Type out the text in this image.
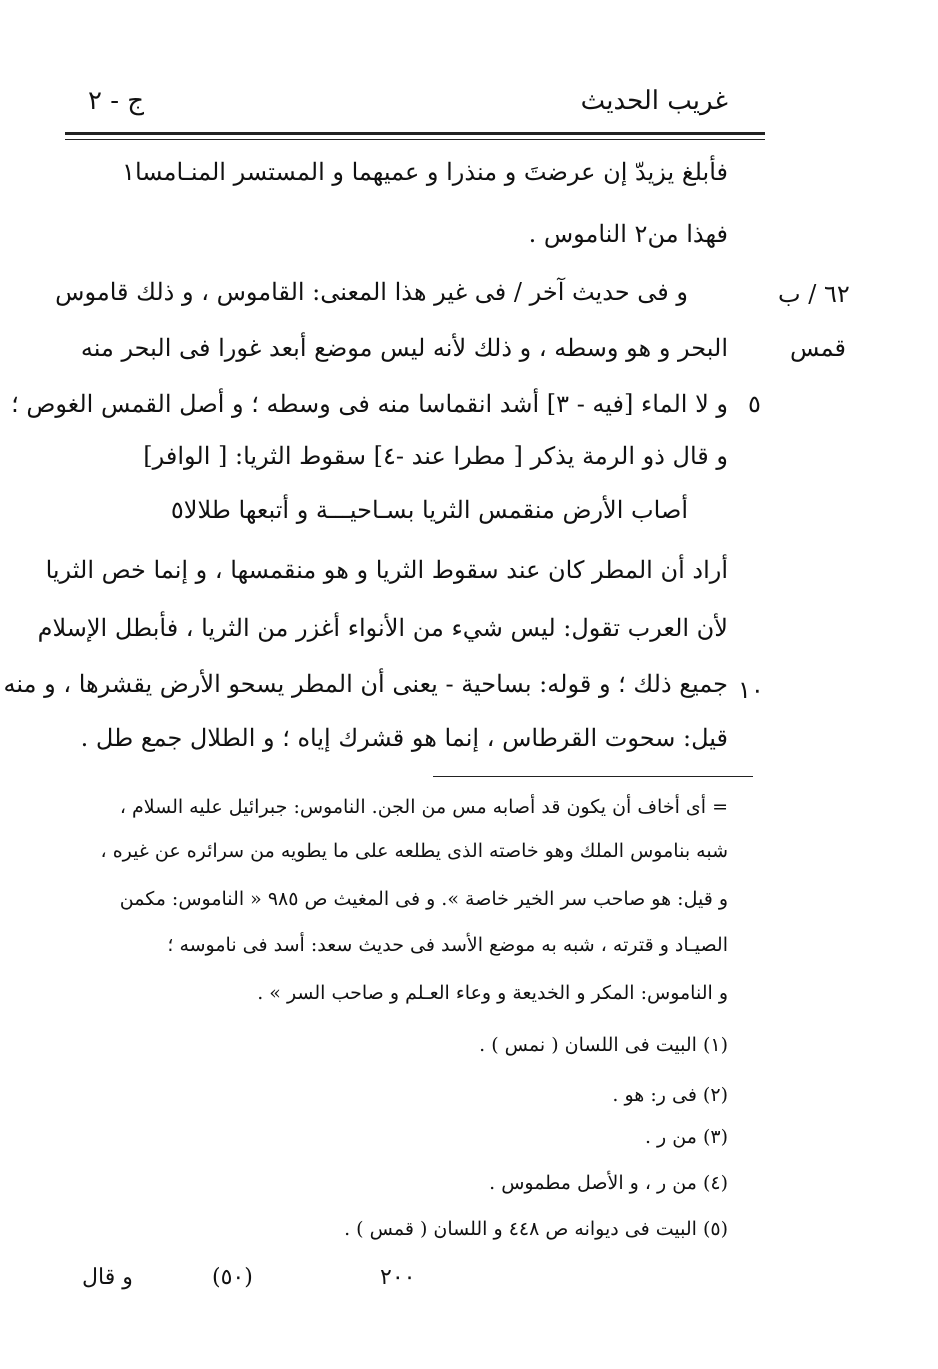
غريب الحديث
ج - ٢
٦٢ / ب
قمس
٥
١٠
فأبلغ يزيدّ إن عرضتَ و منذرا و عميهما و المستسر المنـامسا١
فهذا من٢ الناموس .
و فى حديث آخر / فى غير هذا المعنى: القاموس ، و ذلك قاموس
البحر و هو وسطه ، و ذلك لأنه ليس موضع أبعد غورا فى البحر منه
و لا الماء [فيه - ٣] أشد انقماسا منه فى وسطه ؛ و أصل القمس الغوص ؛
و قال ذو الرمة يذكر [ مطرا عند -٤] سقوط الثريا: [ الوافر]
أصاب الأرض منقمس الثريا بسـاحيـــة و أتبعها طلالا٥
أراد أن المطر كان عند سقوط الثريا و هو منقمسها ، و إنما خص الثريا
لأن العرب تقول: ليس شيء من الأنواء أغزر من الثريا ، فأبطل الإسلام
جميع ذلك ؛ و قوله: بساحية - يعنى أن المطر يسحو الأرض يقشرها ، و منه
قيل: سحوت القرطاس ، إنما هو قشرك إياه ؛ و الطلال جمع طل .
= أى أخاف أن يكون قد أصابه مس من الجن. الناموس: جبرائيل عليه السلام ،
شبه بناموس الملك وهو خاصته الذى يطلعه على ما يطويه من سرائره عن غيره ،
و قيل: هو صاحب سر الخير خاصة ». و فى المغيث ص ٩٨٥ « الناموس: مكمن
الصيـاد و قترته ، شبه به موضع الأسد فى حديث سعد: أسد فى ناموسه ؛
و الناموس: المكر و الخديعة و وعاء العـلم و صاحب السر » .
(١) البيت فى اللسان ( نمس ) .
(٢) فى ر: هو .
(٣) من ر .
(٤) من ر ، و الأصل مطموس .
(٥) البيت فى ديوانه ص ٤٤٨ و اللسان ( قمس ) .
٢٠٠
(٥٠)
و قال
